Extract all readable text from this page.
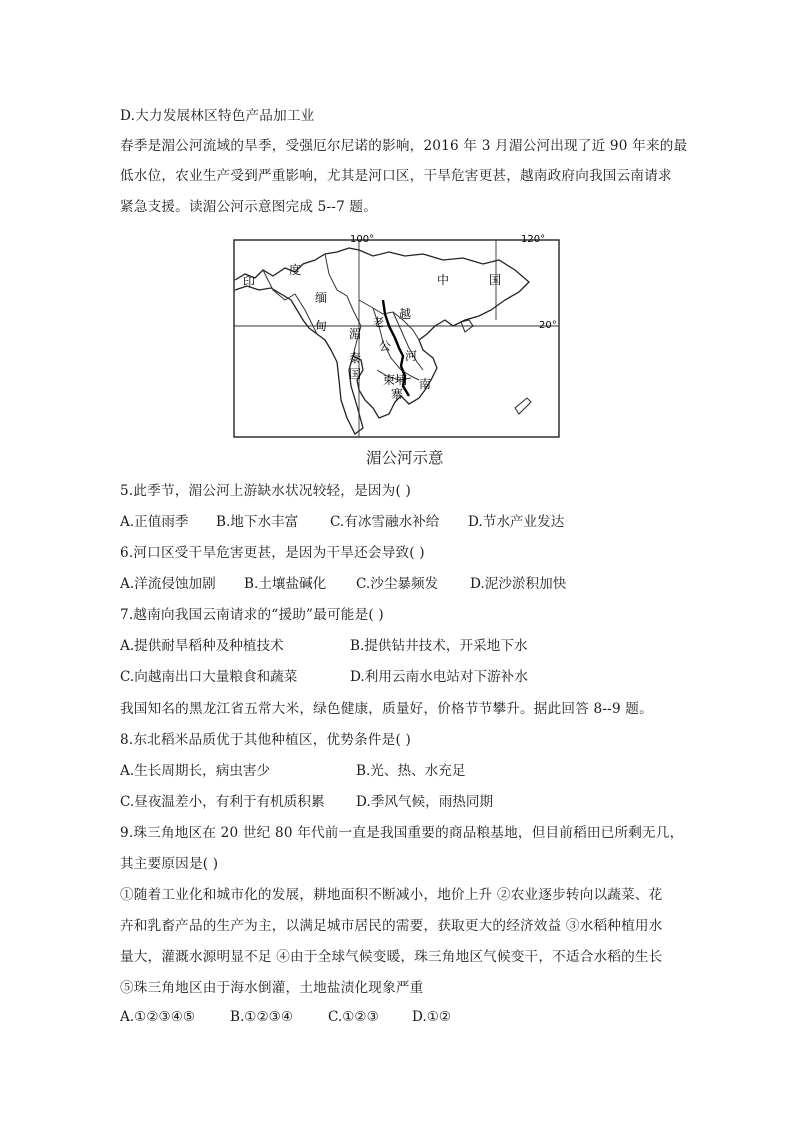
D.大力发展林区特色产品加工业
春季是湄公河流域的旱季，受强厄尔尼诺的影响，2016 年 3 月湄公河出现了近 90 年来的最
低水位，农业生产受到严重影响，尤其是河口区，干旱危害更甚，越南政府向我国云南请求
紧急支援。读湄公河示意图完成 5--7 题。
100°	120°
20°
印
度
缅
甸
中	国
老
越
南
泰
国 柬埔
寨
湄
公
河
湄公河示意
5.此季节，湄公河上游缺水状况较轻，是因为( )
A.正值雨季 B.地下水丰富 C.有冰雪融水补给 D.节水产业发达
6.河口区受干旱危害更甚，是因为干旱还会导致( )
A.洋流侵蚀加剧 B.土壤盐碱化 C.沙尘暴频发 D.泥沙淤积加快
7.越南向我国云南请求的“援助”最可能是( )
A.提供耐旱稻种及种植技术	B.提供钻井技术，开采地下水
C.向越南出口大量粮食和蔬菜	D.利用云南水电站对下游补水
我国知名的黑龙江省五常大米，绿色健康，质量好，价格节节攀升。据此回答 8--9 题。
8.东北稻米品质优于其他种植区，优势条件是( )
A.生长周期长，病虫害少	B.光、热、水充足
C.昼夜温差小，有利于有机质积累 D.季风气候，雨热同期
9.珠三角地区在 20 世纪 80 年代前一直是我国重要的商品粮基地，但目前稻田已所剩无几，
其主要原因是( )
①随着工业化和城市化的发展，耕地面积不断减小，地价上升 ②农业逐步转向以蔬菜、花
卉和乳畜产品的生产为主，以满足城市居民的需要，获取更大的经济效益 ③水稻种植用水
量大，灌溉水源明显不足 ④由于全球气候变暖，珠三角地区气候变干，不适合水稻的生长
⑤珠三角地区由于海水倒灌，土地盐渍化现象严重
A.①②③④⑤	B.①②③④	C.①②③ D.①②
